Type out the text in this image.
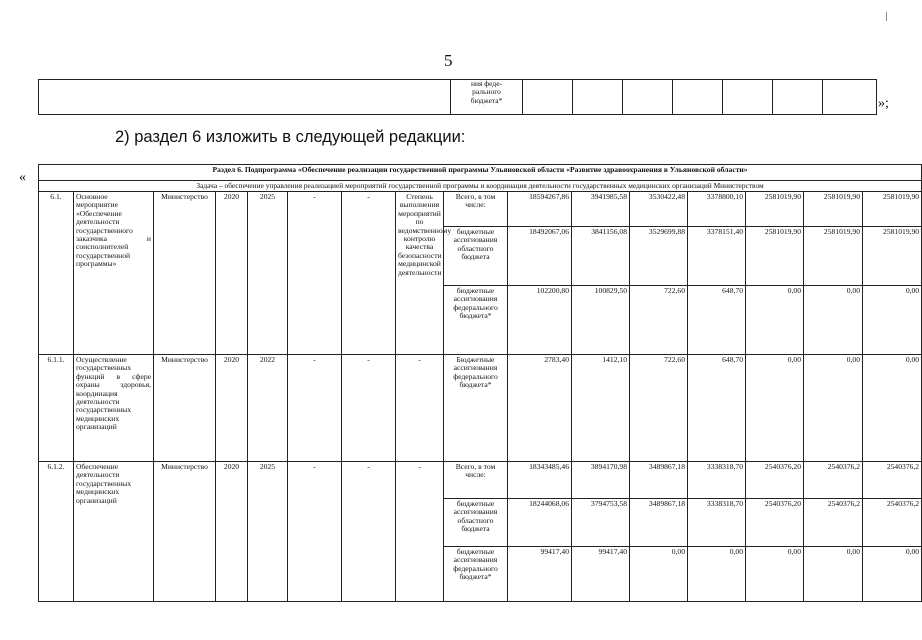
5
	ния феде-
рального
бюджета*								»;
2) раздел 6 изложить в следующей редакции:
«
Раздел 6. Подпрограмма «Обеспечение реализации государственной программы Ульяновской области «Развитие здравоохранения в Ульяновской области»															
Задача – обеспечение управления реализацией мероприятий государственной программы и координация деятельности государственных медицинских организаций Министерством															
6.1.	Основное мероприятие «Обеспечение деятельности государственного заказчика и соисполнителей государственной программы»	Министерство	2020	2025	-	-	Степень выполнения мероприятий по ведомственному контролю качества безопасности медицинской деятельности	Всего, в том числе:	18594267,86	3941985,58	3530422,48	3378800,10	2581019,90	2581019,90	2581019,90
								бюджетные ассигнования областного бюджета	18492067,06	3841156,08	3529699,88	3378151,40	2581019,90	2581019,90	2581019,90
								бюджетные ассигнования федерального бюджета*	102200,80	100829,50	722,60	648,70	0,00	0,00	0,00
6.1.1.	Осуществление государственных функций в сфере охраны здоровья, координация деятельности государственных медицинских организаций	Министерство	2020	2022	-	-	-	Бюджетные ассигнования федерального бюджета*	2783,40	1412,10	722,60	648,70	0,00	0,00	0,00
6.1.2.	Обеспечение деятельности государственных медицинских организаций	Министерство	2020	2025	-	-	-	Всего, в том числе:	18343485,46	3894170,98	3489867,18	3338318,70	2540376,20	2540376,2	2540376,2
								бюджетные ассигнования областного бюджета	18244068,06	3794753,58	3489867,18	3338318,70	2540376,20	2540376,2	2540376,2
								бюджетные ассигнования федерального бюджета*	99417,40	99417,40	0,00	0,00	0,00	0,00	0,00
